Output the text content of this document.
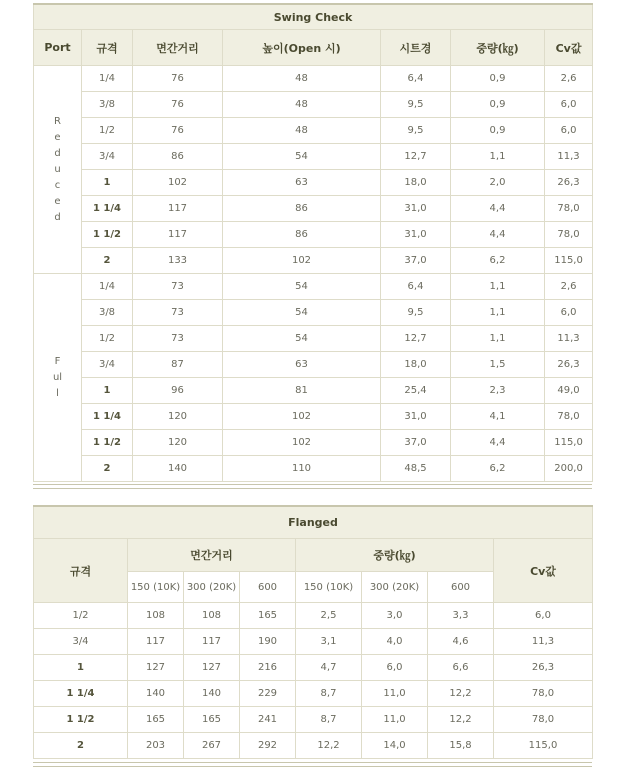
Swing Check						
Port	규격	면간거리	높이(Open 시)	시트경	중량(㎏)	Cv값
Reduced	1/4	76	48	6,4	0,9	2,6
	3/8	76	48	9,5	0,9	6,0
	1/2	76	48	9,5	0,9	6,0
	3/4	86	54	12,7	1,1	11,3
	1	102	63	18,0	2,0	26,3
	1 1/4	117	86	31,0	4,4	78,0
	1 1/2	117	86	31,0	4,4	78,0
	2	133	102	37,0	6,2	115,0
Full	1/4	73	54	6,4	1,1	2,6
	3/8	73	54	9,5	1,1	6,0
	1/2	73	54	12,7	1,1	11,3
	3/4	87	63	18,0	1,5	26,3
	1	96	81	25,4	2,3	49,0
	1 1/4	120	102	31,0	4,1	78,0
	1 1/2	120	102	37,0	4,4	115,0
	2	140	110	48,5	6,2	200,0
Flanged							
규격	면간거리			중량(㎏)			Cv값
	150 (10K)	300 (20K)	600	150 (10K)	300 (20K)	600	
1/2	108	108	165	2,5	3,0	3,3	6,0
3/4	117	117	190	3,1	4,0	4,6	11,3
1	127	127	216	4,7	6,0	6,6	26,3
1 1/4	140	140	229	8,7	11,0	12,2	78,0
1 1/2	165	165	241	8,7	11,0	12,2	78,0
2	203	267	292	12,2	14,0	15,8	115,0
